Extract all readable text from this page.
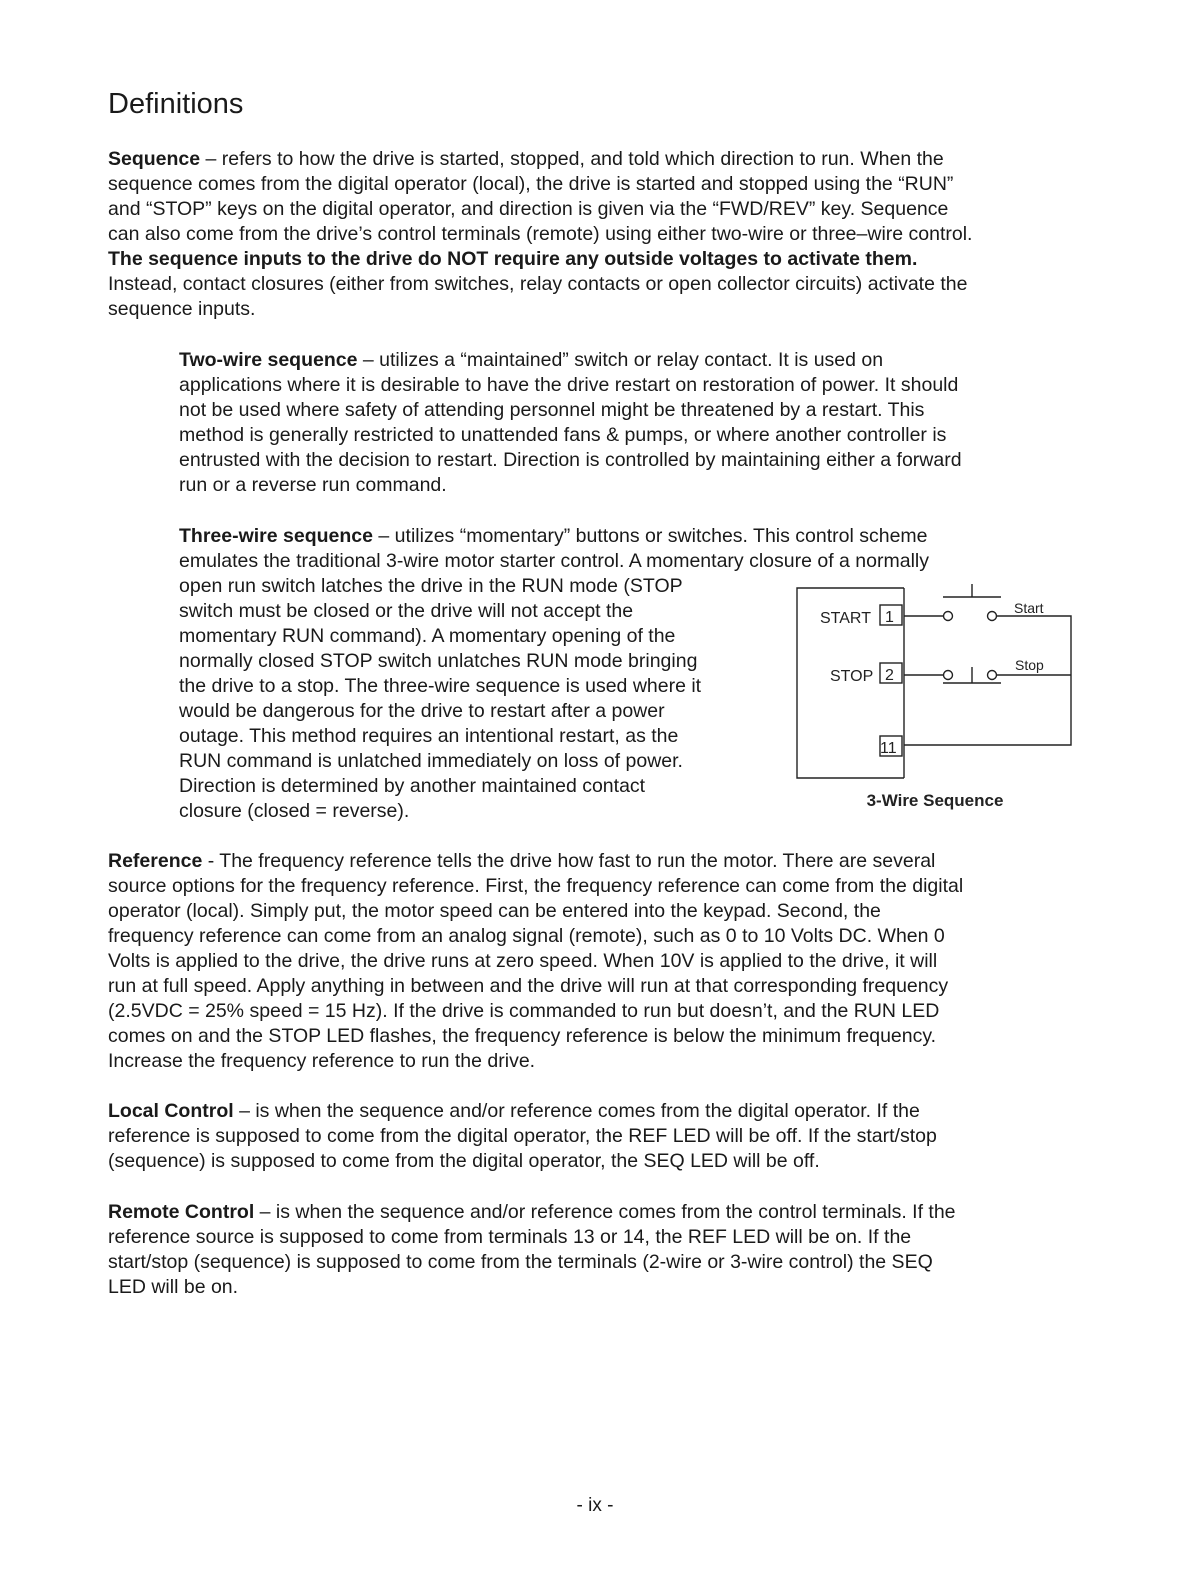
Definitions
Sequence – refers to how the drive is started, stopped, and told which direction to run. When the
sequence comes from the digital operator (local), the drive is started and stopped using the “RUN”
and “STOP” keys on the digital operator, and direction is given via the “FWD/REV” key. Sequence
can also come from the drive’s control terminals (remote) using either two-wire or three–wire control.
The sequence inputs to the drive do NOT require any outside voltages to activate them.
Instead, contact closures (either from switches, relay contacts or open collector circuits) activate the
sequence inputs.
Two-wire sequence – utilizes a “maintained” switch or relay contact. It is used on
applications where it is desirable to have the drive restart on restoration of power. It should
not be used where safety of attending personnel might be threatened by a restart. This
method is generally restricted to unattended fans & pumps, or where another controller is
entrusted with the decision to restart. Direction is controlled by maintaining either a forward
run or a reverse run command.
Three-wire sequence – utilizes “momentary” buttons or switches. This control scheme
emulates the traditional 3-wire motor starter control. A momentary closure of a normally
open run switch latches the drive in the RUN mode (STOP
switch must be closed or the drive will not accept the
momentary RUN command). A momentary opening of the
normally closed STOP switch unlatches RUN mode bringing
the drive to a stop. The three-wire sequence is used where it
would be dangerous for the drive to restart after a power
outage. This method requires an intentional restart, as the
RUN command is unlatched immediately on loss of power.
Direction is determined by another maintained contact
closure (closed = reverse).
START
STOP
1
2
11
Start
Stop
3-Wire Sequence
Reference - The frequency reference tells the drive how fast to run the motor. There are several
source options for the frequency reference. First, the frequency reference can come from the digital
operator (local). Simply put, the motor speed can be entered into the keypad. Second, the
frequency reference can come from an analog signal (remote), such as 0 to 10 Volts DC. When 0
Volts is applied to the drive, the drive runs at zero speed. When 10V is applied to the drive, it will
run at full speed. Apply anything in between and the drive will run at that corresponding frequency
(2.5VDC = 25% speed = 15 Hz). If the drive is commanded to run but doesn’t, and the RUN LED
comes on and the STOP LED flashes, the frequency reference is below the minimum frequency.
Increase the frequency reference to run the drive.
Local Control – is when the sequence and/or reference comes from the digital operator. If the
reference is supposed to come from the digital operator, the REF LED will be off. If the start/stop
(sequence) is supposed to come from the digital operator, the SEQ LED will be off.
Remote Control – is when the sequence and/or reference comes from the control terminals. If the
reference source is supposed to come from terminals 13 or 14, the REF LED will be on. If the
start/stop (sequence) is supposed to come from the terminals (2-wire or 3-wire control) the SEQ
LED will be on.
- ix -
